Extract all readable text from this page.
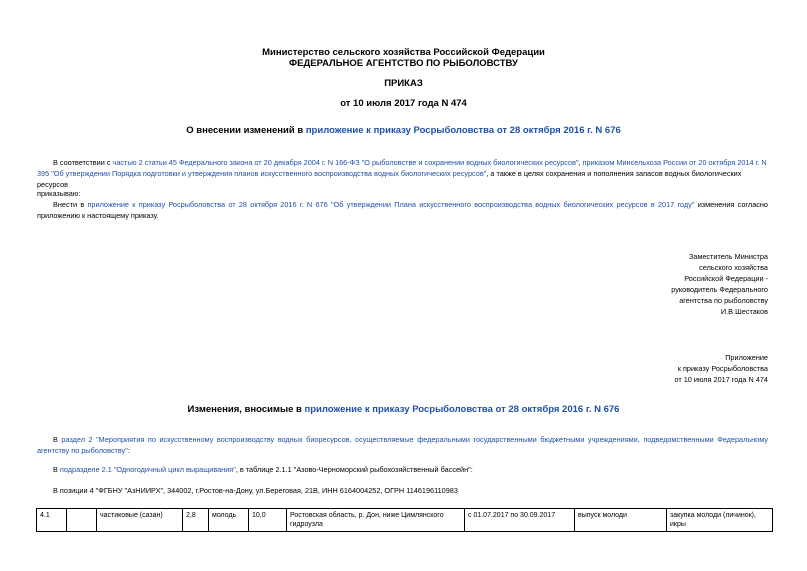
Министерство сельского хозяйства Российской Федерации
ФЕДЕРАЛЬНОЕ АГЕНТСТВО ПО РЫБОЛОВСТВУ
ПРИКАЗ
от 10 июля 2017 года N 474
О внесении изменений в приложение к приказу Росрыболовства от 28 октября 2016 г. N 676
В соответствии с частью 2 статьи 45 Федерального закона от 20 декабря 2004 г. N 166-ФЗ "О рыболовстве и сохранении водных биологических ресурсов", приказом Минсельхоза России от 20 октября 2014 г. N 395 "Об утверждении Порядка подготовки и утверждения планов искусственного воспроизводства водных биологических ресурсов", а также в целях сохранения и пополнения запасов водных биологических ресурсов
приказываю:
Внести в приложение к приказу Росрыболовства от 28 октября 2016 г. N 676 "Об утверждении Плана искусственного воспроизводства водных биологических ресурсов в 2017 году" изменения согласно приложению к настоящему приказу.
Заместитель Министра
сельского хозяйства
Российской Федерации -
руководитель Федерального
агентства по рыболовству
И.В.Шестаков
Приложение
к приказу Росрыболовства
от 10 июля 2017 года N 474
Изменения, вносимые в приложение к приказу Росрыболовства от 28 октября 2016 г. N 676
В раздел 2 "Мероприятия по искусственному воспроизводству водных биоресурсов, осуществляемые федеральными государственными бюджетными учреждениями, подведомственными Федеральному агентству по рыболовству":
В подразделе 2.1 "Одногодичный цикл выращивания", в таблице 2.1.1 "Азово-Черноморский рыбохозяйственный бассейн":
В позиции 4 "ФГБНУ "АзНИИРХ", 344002, г.Ростов-на-Дону, ул.Береговая, 21В, ИНН 6164004252, ОГРН 1146196110983
4.1		частиковые (сазан)	2,8	молодь	10,0	Ростовская область, р. Дон, ниже Цимлянского гидроузла	с 01.07.2017 по 30.09.2017	выпуск молоди	закупка молоди (личинок), икры
